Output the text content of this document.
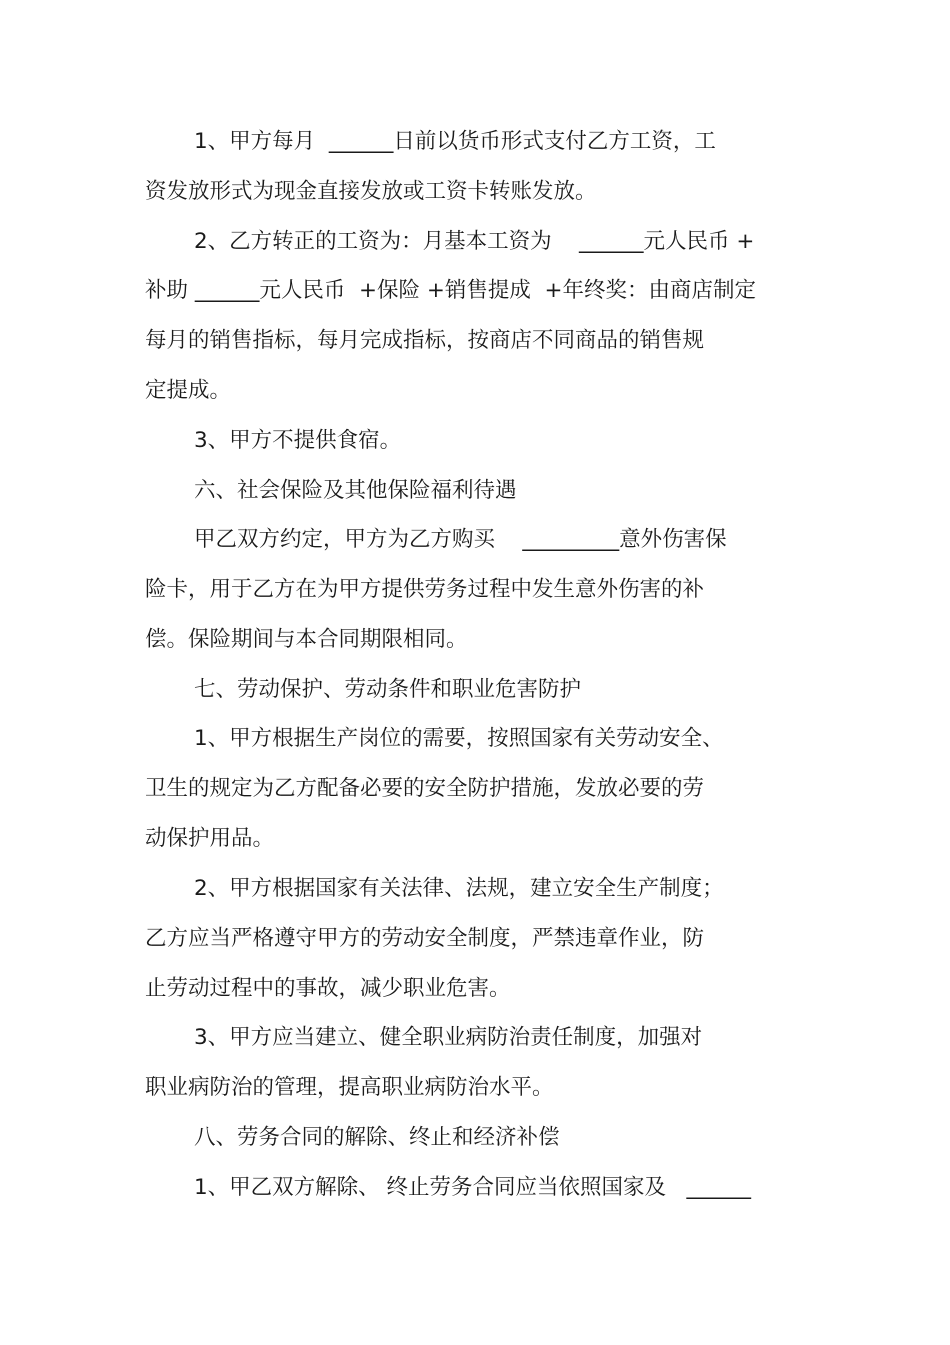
1、甲方每月  ______日前以货币形式支付乙方工资，工
资发放形式为现金直接发放或工资卡转账发放。
2、乙方转正的工资为：月基本工资为    ______元人民币 +
补助 ______元人民币  +保险 +销售提成  +年终奖：由商店制定
每月的销售指标，每月完成指标，按商店不同商品的销售规
定提成。
3、甲方不提供食宿。
六、社会保险及其他保险福利待遇
甲乙双方约定，甲方为乙方购买    _________意外伤害保
险卡，用于乙方在为甲方提供劳务过程中发生意外伤害的补
偿。保险期间与本合同期限相同。
七、劳动保护、劳动条件和职业危害防护
1、甲方根据生产岗位的需要，按照国家有关劳动安全、
卫生的规定为乙方配备必要的安全防护措施，发放必要的劳
动保护用品。
2、甲方根据国家有关法律、法规，建立安全生产制度；
乙方应当严格遵守甲方的劳动安全制度，严禁违章作业，防
止劳动过程中的事故，减少职业危害。
3、甲方应当建立、健全职业病防治责任制度，加强对
职业病防治的管理，提高职业病防治水平。
八、劳务合同的解除、终止和经济补偿
1、甲乙双方解除、 终止劳务合同应当依照国家及   ______
